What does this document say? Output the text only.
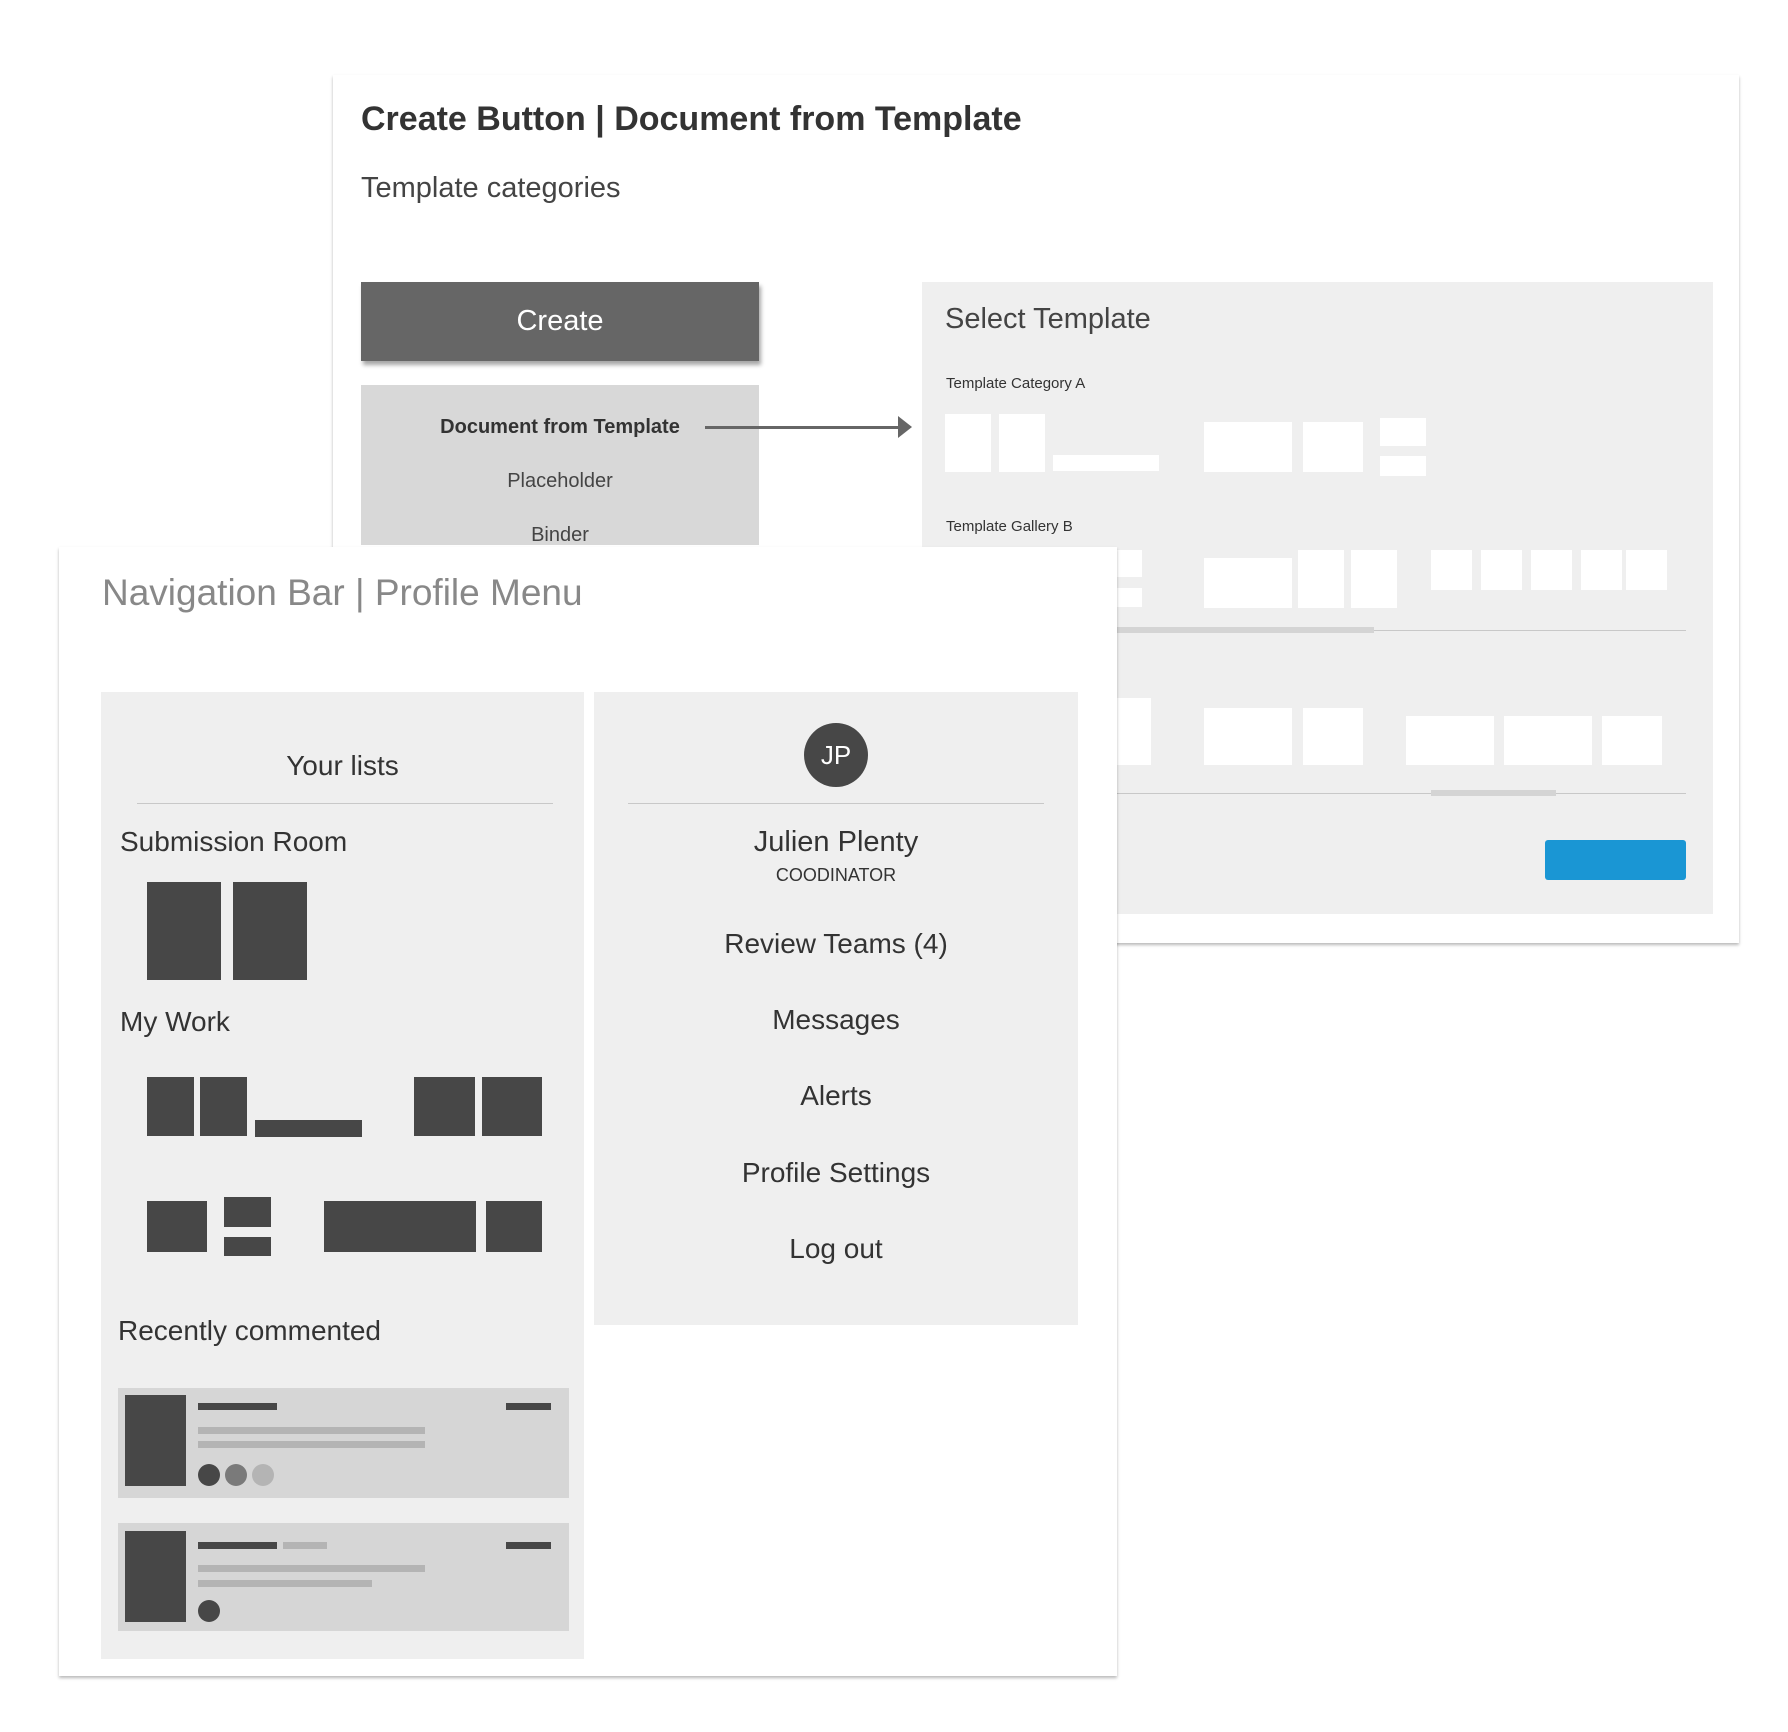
Create Button | Document from Template
Template categories
Create
Document from Template
Placeholder
Binder
Select Template
Template Category A
Template Gallery B
Navigation Bar | Profile Menu
Your lists
Submission Room
My Work
Recently commented
JP
Julien Plenty
COODINATOR
Review Teams (4)
Messages
Alerts
Profile Settings
Log out
